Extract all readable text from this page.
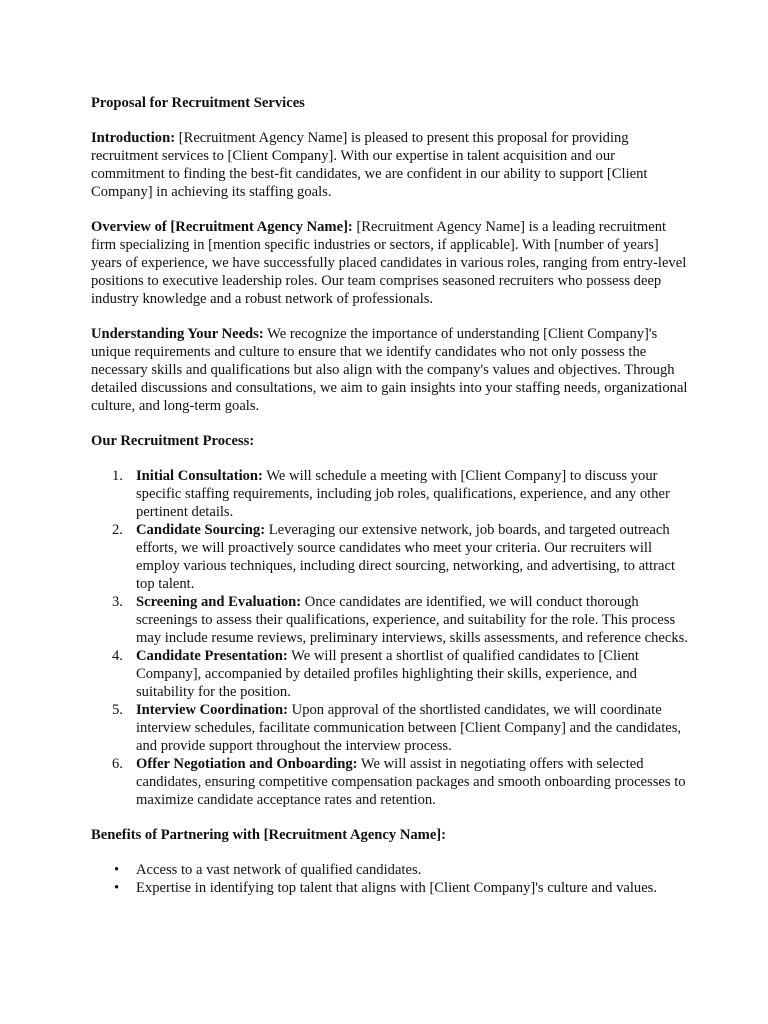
Proposal for Recruitment Services

Introduction: [Recruitment Agency Name] is pleased to present this proposal for providing recruitment services to [Client Company]. With our expertise in talent acquisition and our commitment to finding the best-fit candidates, we are confident in our ability to support [Client Company] in achieving its staffing goals.

Overview of [Recruitment Agency Name]: [Recruitment Agency Name] is a leading recruitment firm specializing in [mention specific industries or sectors, if applicable]. With [number of years] years of experience, we have successfully placed candidates in various roles, ranging from entry-level positions to executive leadership roles. Our team comprises seasoned recruiters who possess deep industry knowledge and a robust network of professionals.

Understanding Your Needs: We recognize the importance of understanding [Client Company]'s unique requirements and culture to ensure that we identify candidates who not only possess the necessary skills and qualifications but also align with the company's values and objectives. Through detailed discussions and consultations, we aim to gain insights into your staffing needs, organizational culture, and long-term goals.

Our Recruitment Process:
1. Initial Consultation: We will schedule a meeting with [Client Company] to discuss your specific staffing requirements, including job roles, qualifications, experience, and any other pertinent details.
2. Candidate Sourcing: Leveraging our extensive network, job boards, and targeted outreach efforts, we will proactively source candidates who meet your criteria. Our recruiters will employ various techniques, including direct sourcing, networking, and advertising, to attract top talent.
3. Screening and Evaluation: Once candidates are identified, we will conduct thorough screenings to assess their qualifications, experience, and suitability for the role. This process may include resume reviews, preliminary interviews, skills assessments, and reference checks.
4. Candidate Presentation: We will present a shortlist of qualified candidates to [Client Company], accompanied by detailed profiles highlighting their skills, experience, and suitability for the position.
5. Interview Coordination: Upon approval of the shortlisted candidates, we will coordinate interview schedules, facilitate communication between [Client Company] and the candidates, and provide support throughout the interview process.
6. Offer Negotiation and Onboarding: We will assist in negotiating offers with selected candidates, ensuring competitive compensation packages and smooth onboarding processes to maximize candidate acceptance rates and retention.
Benefits of Partnering with [Recruitment Agency Name]:
• Access to a vast network of qualified candidates.
• Expertise in identifying top talent that aligns with [Client Company]'s culture and values.
